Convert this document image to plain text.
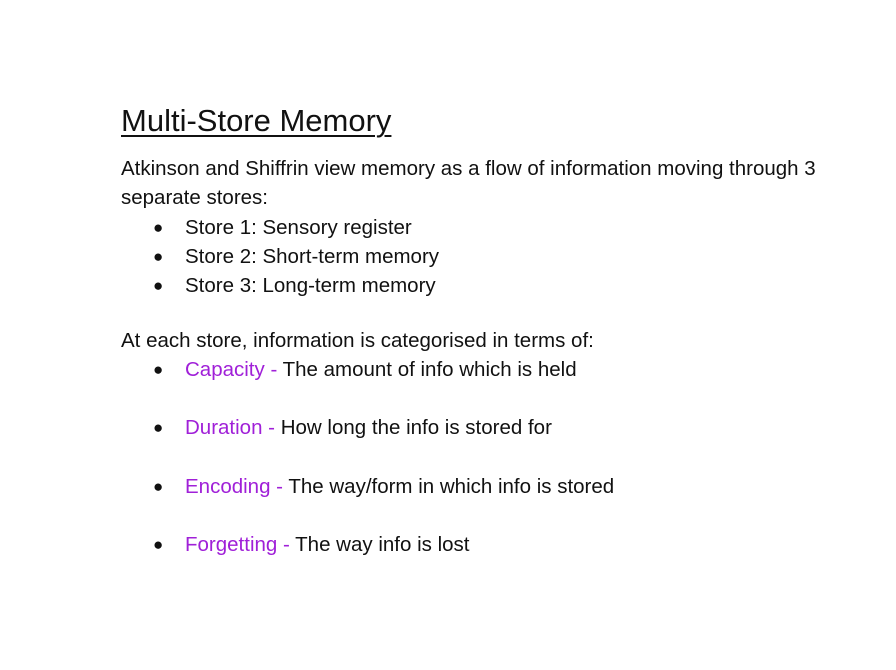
Multi-Store Memory

Atkinson and Shiffrin view memory as a flow of information moving through 3 separate stores:

● Store 1: Sensory register
● Store 2: Short-term memory
● Store 3: Long-term memory

At each store, information is categorised in terms of:

● Capacity - The amount of info which is held
● Duration - How long the info is stored for
● Encoding - The way/form in which info is stored
● Forgetting - The way info is lost
